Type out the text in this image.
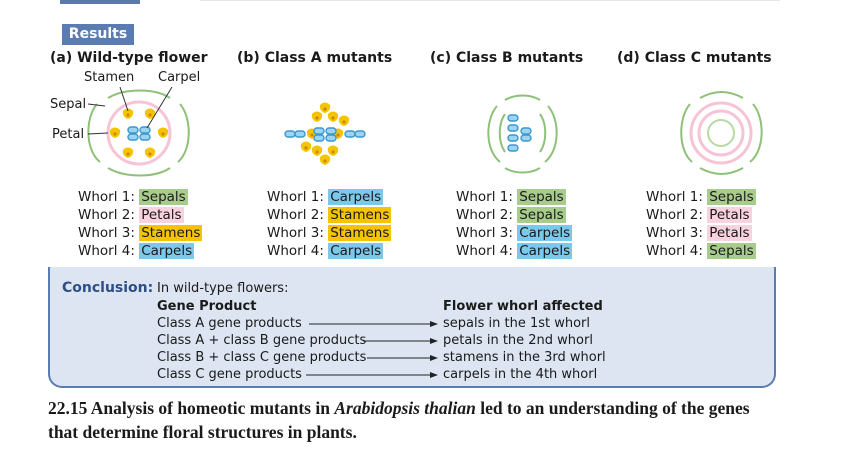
Results
(a) Wild-type flower (b) Class A mutants	(c) Class B mutants (d) Class C mutants
Stamen Carpel
Sepal
Petal
Whorl 1: Sepals
Whorl 2: Petals
Whorl 3: Stamens
Whorl 4: Carpels
Whorl 1: Carpels
Whorl 2: Stamens
Whorl 3: Stamens
Whorl 4: Carpels
Whorl 1: Sepals
Whorl 2: Sepals
Whorl 3: Carpels
Whorl 4: Carpels
Whorl 1: Sepals
Whorl 2: Petals
Whorl 3: Petals
Whorl 4: Sepals
Conclusion: In wild-type flowers:
Gene Product	Flower whorl affected
Class A gene products
Class A + class B gene products
Class B + class C gene products
Class C gene products
sepals in the 1st whorl
petals in the 2nd whorl
stamens in the 3rd whorl
carpels in the 4th whorl
22.15 Analysis of homeotic mutants in Arabidopsis thalian led to an understanding of the genes that determine floral structures in plants.
